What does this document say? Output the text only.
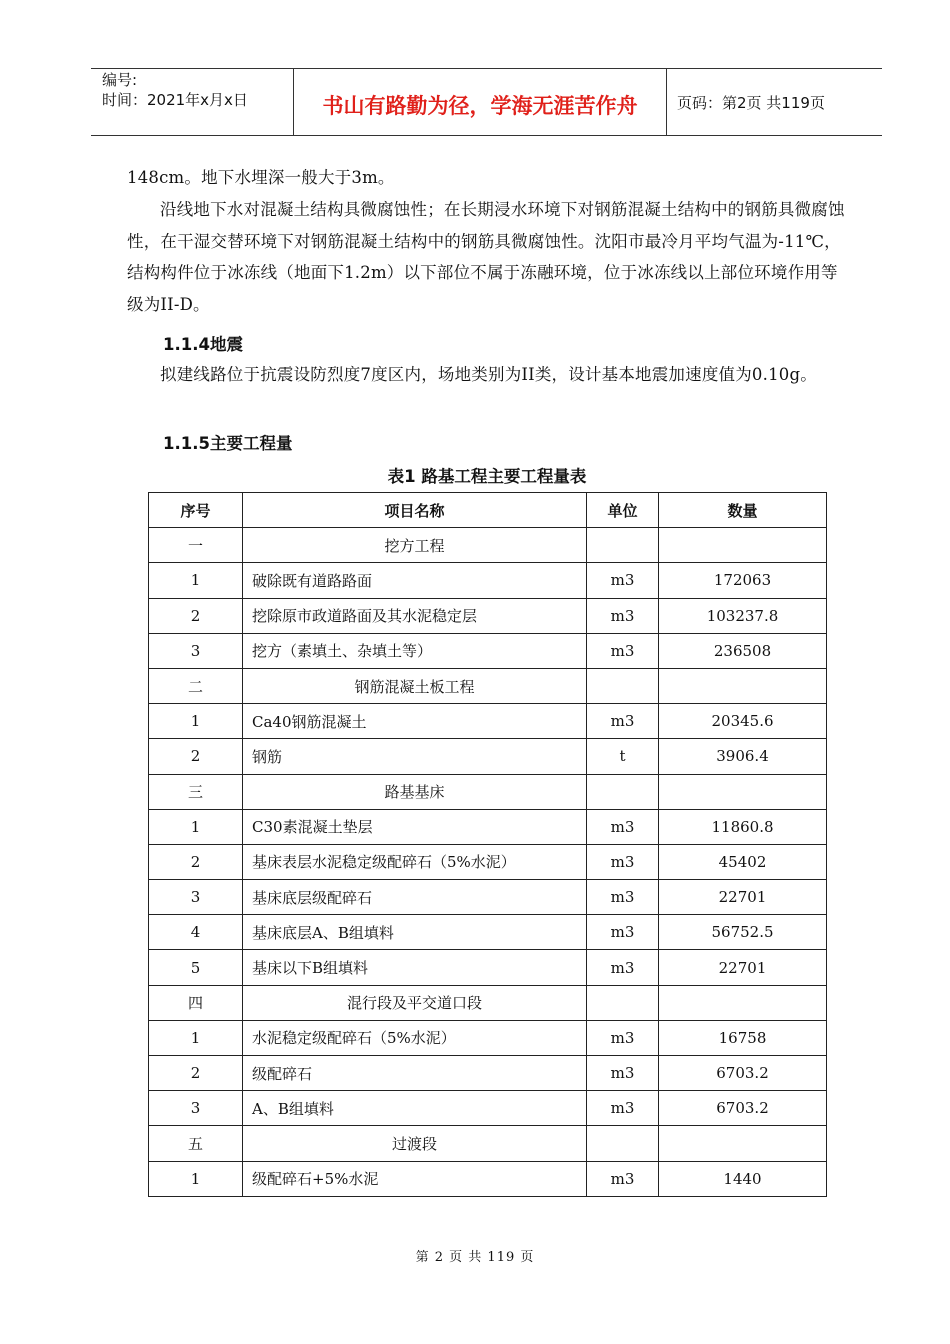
编号:
时间：2021年x月x日	书山有路勤为径，学海无涯苦作舟	页码：第2页 共119页

148cm。地下水埋深一般大于3m。

沿线地下水对混凝土结构具微腐蚀性；在长期浸水环境下对钢筋混凝土结构中的钢筋具微腐蚀性，在干湿交替环境下对钢筋混凝土结构中的钢筋具微腐蚀性。沈阳市最冷月平均气温为-11℃，结构构件位于冰冻线（地面下1.2m）以下部位不属于冻融环境，位于冰冻线以上部位环境作用等级为II-D。

1.1.4地震

拟建线路位于抗震设防烈度7度区内，场地类别为II类，设计基本地震加速度值为0.10g。

1.1.5主要工程量
表1 路基工程主要工程量表
序号	项目名称	单位	数量
一	挖方工程		
1	破除既有道路路面	m3	172063
2	挖除原市政道路面及其水泥稳定层	m3	103237.8
3	挖方（素填土、杂填土等）	m3	236508
二	钢筋混凝土板工程		
1	Ca40钢筋混凝土	m3	20345.6
2	钢筋	t	3906.4
三	路基基床		
1	C30素混凝土垫层	m3	11860.8
2	基床表层水泥稳定级配碎石（5%水泥）	m3	45402
3	基床底层级配碎石	m3	22701
4	基床底层A、B组填料	m3	56752.5
5	基床以下B组填料	m3	22701
四	混行段及平交道口段		
1	水泥稳定级配碎石（5%水泥）	m3	16758
2	级配碎石	m3	6703.2
3	A、B组填料	m3	6703.2
五	过渡段		
1	级配碎石+5%水泥	m3	1440
第 2 页 共 119 页
